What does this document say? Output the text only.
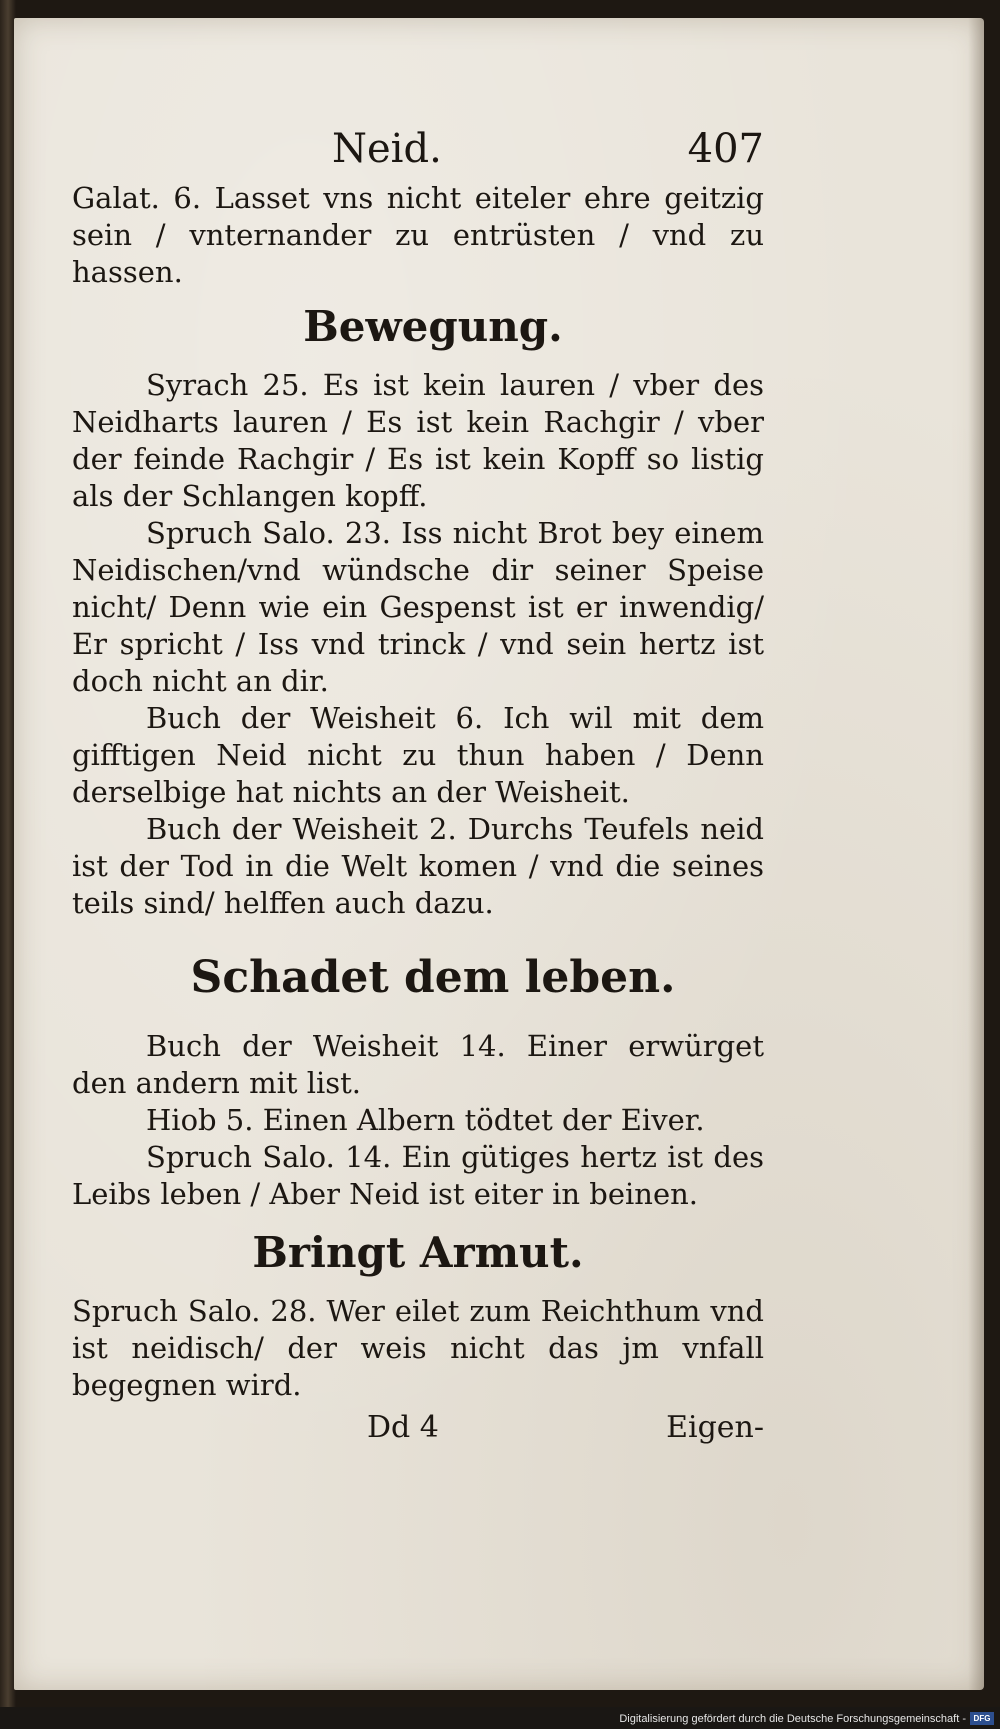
Neid.	407

Galat. 6. Lasset vns nicht eiteler ehre geitzig sein / vnternander zu entrüsten / vnd zu hassen.

Bewegung.

Syrach 25. Es ist kein lauren / vber des Neidharts lauren / Es ist kein Rachgir / vber der feinde Rachgir / Es ist kein Kopff so listig als der Schlangen kopff.

Spruch Salo. 23. Iss nicht Brot bey einem Neidischen/vnd wündsche dir seiner Speise nicht/ Denn wie ein Gespenst ist er inwendig/ Er spricht / Iss vnd trinck / vnd sein hertz ist doch nicht an dir.

Buch der Weisheit 6. Ich wil mit dem gifftigen Neid nicht zu thun haben / Denn derselbige hat nichts an der Weisheit.

Buch der Weisheit 2. Durchs Teufels neid ist der Tod in die Welt komen / vnd die seines teils sind/ helffen auch dazu.

Schadet dem leben.

Buch der Weisheit 14. Einer erwürget den andern mit list.

Hiob 5. Einen Albern tödtet der Eiver.

Spruch Salo. 14. Ein gütiges hertz ist des Leibs leben / Aber Neid ist eiter in beinen.

Bringt Armut.

Spruch Salo. 28. Wer eilet zum Reichthum vnd ist neidisch/ der weis nicht das jm vnfall begegnen wird.

Dd 4	Eigen-
Digitalisierung gefördert durch die Deutsche Forschungsgemeinschaft - DFG
